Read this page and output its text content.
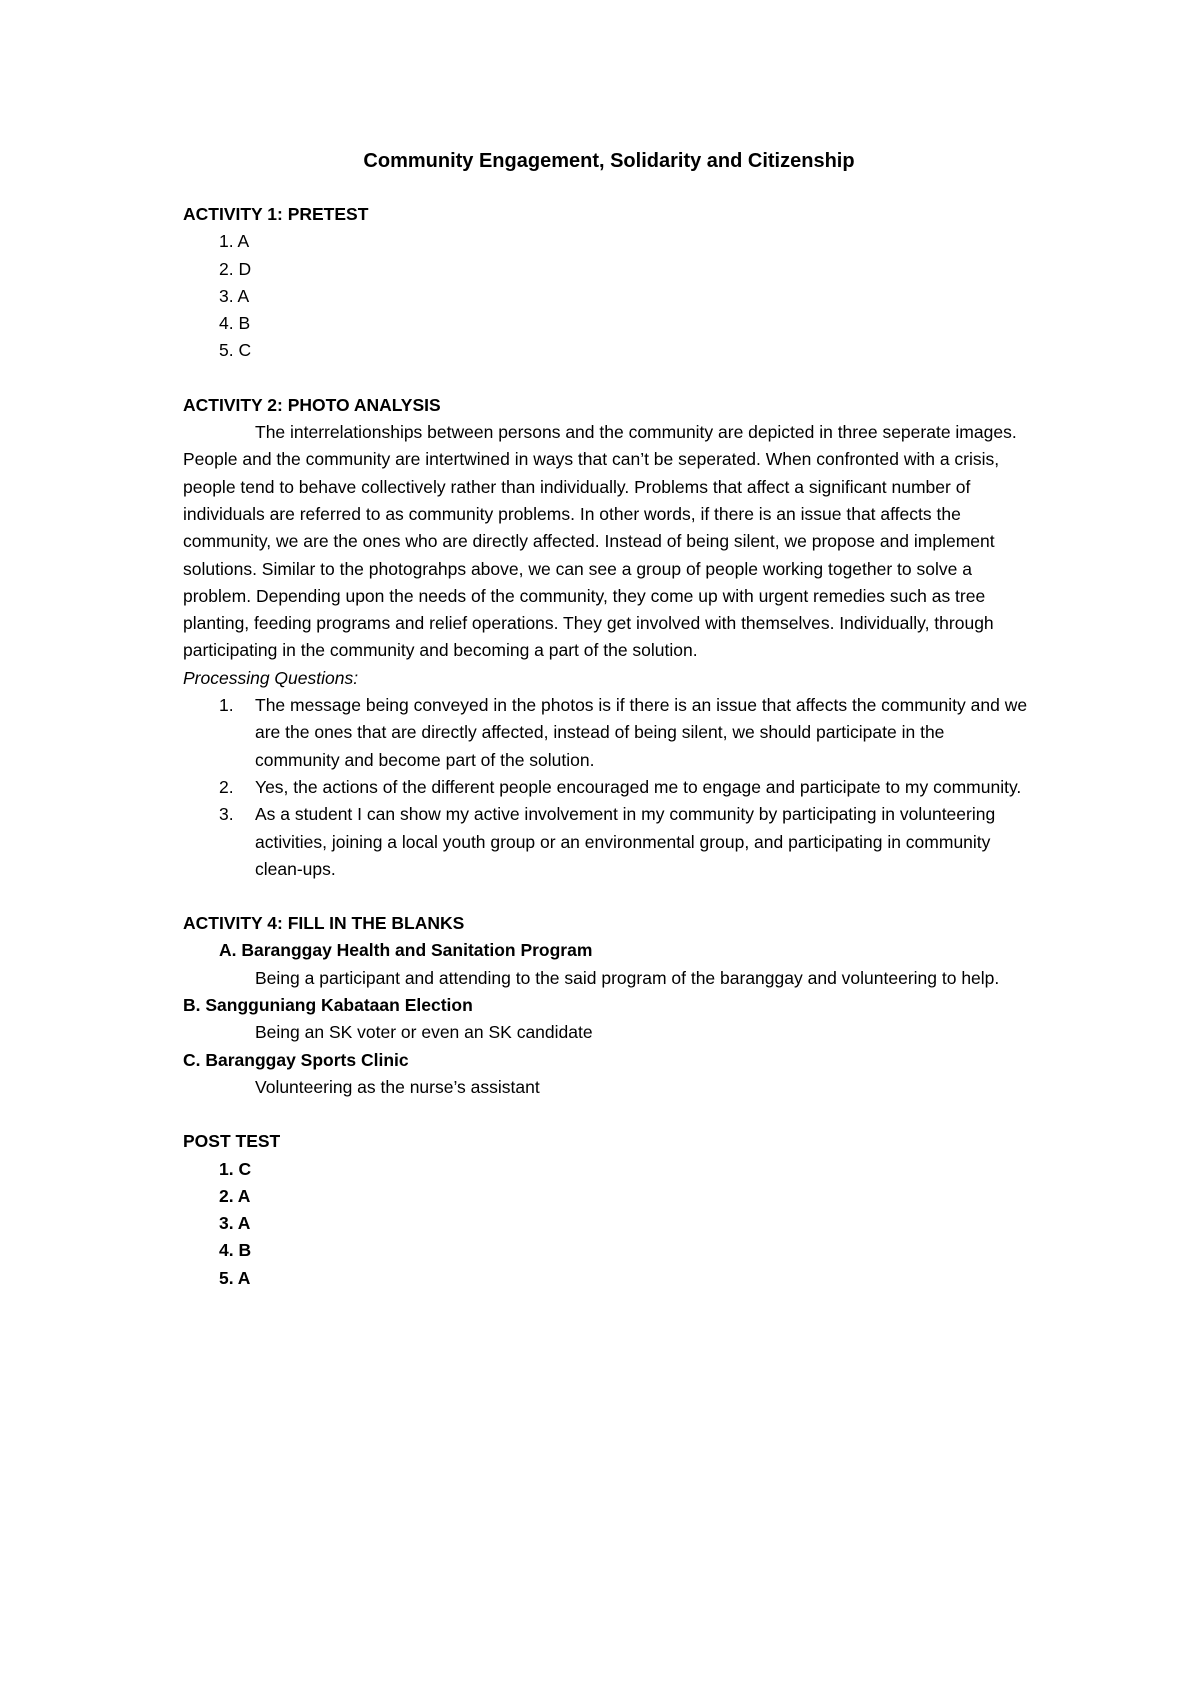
Community Engagement, Solidarity and Citizenship

ACTIVITY 1: PRETEST

1. A
2. D
3. A
4. B
5. C

ACTIVITY 2: PHOTO ANALYSIS

The interrelationships between persons and the community are depicted in three seperate images. People and the community are intertwined in ways that can’t be seperated. When confronted with a crisis, people tend to behave collectively rather than individually. Problems that affect a significant number of individuals are referred to as community problems. In other words, if there is an issue that affects the community, we are the ones who are directly affected. Instead of being silent, we propose and implement solutions. Similar to the photograhps above, we can see a group of people working together to solve a problem. Depending upon the needs of the community, they come up with urgent remedies such as tree planting, feeding programs and relief operations. They get involved with themselves. Individually, through participating in the community and becoming a part of the solution.

Processing Questions:

1. The message being conveyed in the photos is if there is an issue that affects the community and we are the ones that are directly affected, instead of being silent, we should participate in the community and become part of the solution.
2. Yes, the actions of the different people encouraged me to engage and participate to my community.
3. As a student I can show my active involvement in my community by participating in volunteering activities, joining a local youth group or an environmental group, and participating in community clean-ups.

ACTIVITY 4: FILL IN THE BLANKS

A. Baranggay Health and Sanitation Program

Being a participant and attending to the said program of the baranggay and volunteering to help.

B. Sangguniang Kabataan Election

Being an SK voter or even an SK candidate

C. Baranggay Sports Clinic

Volunteering as the nurse’s assistant

POST TEST

1. C
2. A
3. A
4. B
5. A
